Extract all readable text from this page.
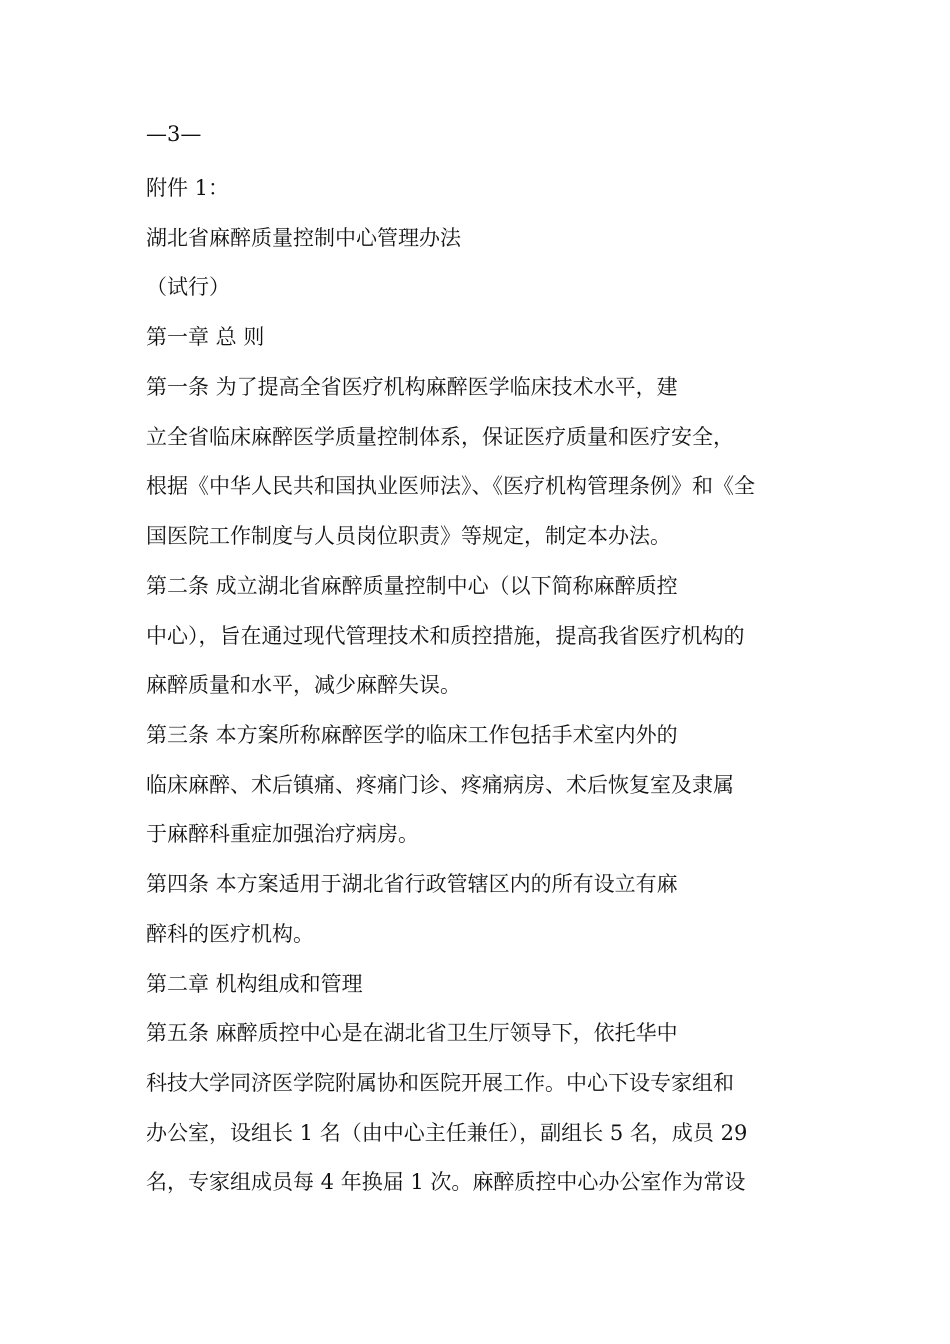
—3—
附件 1：
湖北省麻醉质量控制中心管理办法
（试行）
第一章 总 则
第一条 为了提高全省医疗机构麻醉医学临床技术水平，建
立全省临床麻醉医学质量控制体系，保证医疗质量和医疗安全，
根据《中华人民共和国执业医师法》、《医疗机构管理条例》和《全
国医院工作制度与人员岗位职责》等规定，制定本办法。
第二条 成立湖北省麻醉质量控制中心（以下简称麻醉质控
中心），旨在通过现代管理技术和质控措施，提高我省医疗机构的
麻醉质量和水平，减少麻醉失误。
第三条 本方案所称麻醉医学的临床工作包括手术室内外的
临床麻醉、术后镇痛、疼痛门诊、疼痛病房、术后恢复室及隶属
于麻醉科重症加强治疗病房。
第四条 本方案适用于湖北省行政管辖区内的所有设立有麻
醉科的医疗机构。
第二章 机构组成和管理
第五条 麻醉质控中心是在湖北省卫生厅领导下，依托华中
科技大学同济医学院附属协和医院开展工作。中心下设专家组和
办公室，设组长 1 名（由中心主任兼任），副组长 5 名，成员 29
名，专家组成员每 4 年换届 1 次。麻醉质控中心办公室作为常设
